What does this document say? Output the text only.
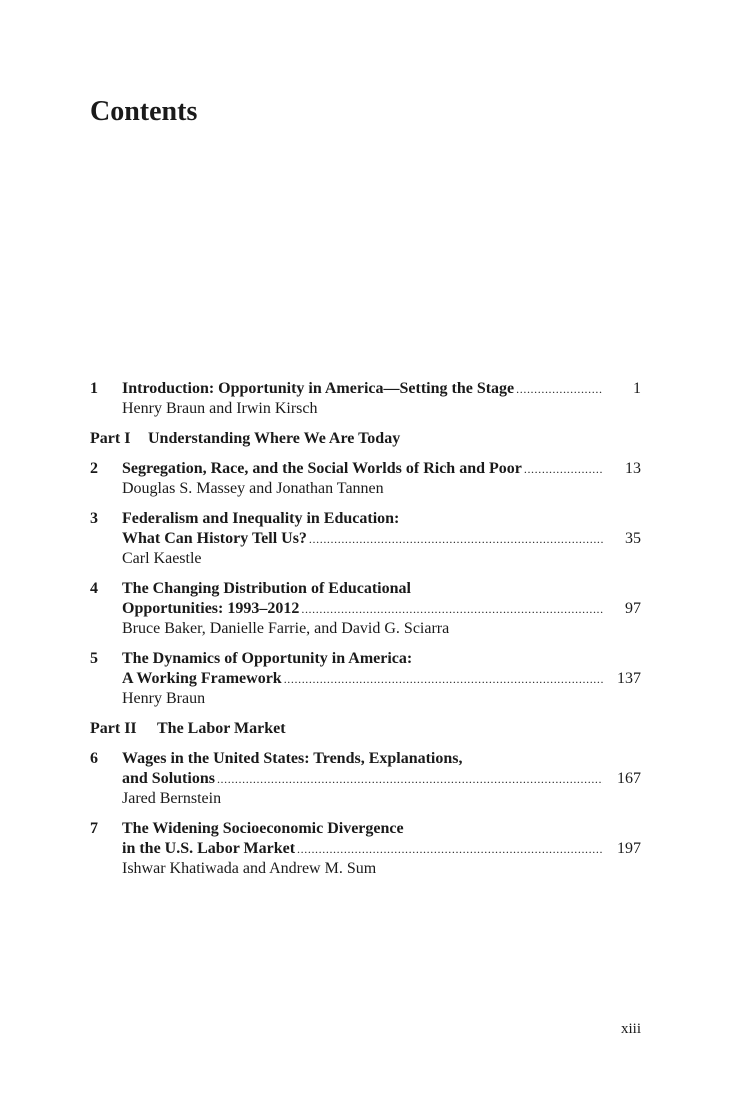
Contents
1	Introduction: Opportunity in America—Setting the Stage .....	1
Henry Braun and Irwin Kirsch
Part I Understanding Where We Are Today
2	Segregation, Race, and the Social Worlds of Rich and Poor .....	13
Douglas S. Massey and Jonathan Tannen
3	Federalism and Inequality in Education:
What Can History Tell Us? .....	35
Carl Kaestle
4	The Changing Distribution of Educational
Opportunities: 1993–2012 .....	97
Bruce Baker, Danielle Farrie, and David G. Sciarra
5	The Dynamics of Opportunity in America:
A Working Framework .....	137
Henry Braun
Part II The Labor Market
6	Wages in the United States: Trends, Explanations,
and Solutions .....	167
Jared Bernstein
7	The Widening Socioeconomic Divergence
in the U.S. Labor Market .....	197
Ishwar Khatiwada and Andrew M. Sum
xiii
